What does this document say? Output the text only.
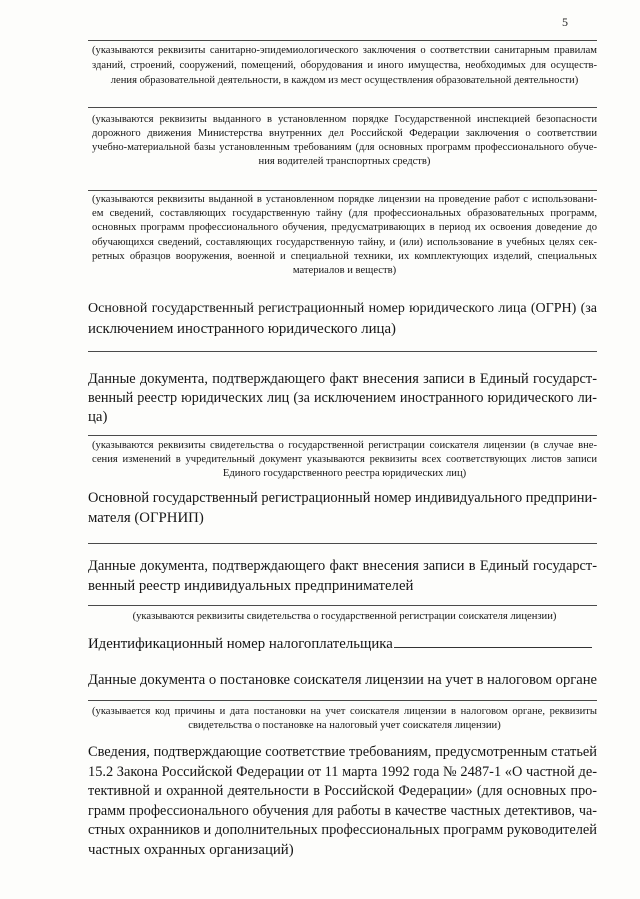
5
(указываются реквизиты санитарно-эпидемиологического заключения о соответствии санитарным правилам
зданий, строений, сооружений, помещений, оборудования и иного имущества, необходимых для осуществ-
ления образовательной деятельности, в каждом из мест осуществления образовательной деятельности)
(указываются реквизиты выданного в установленном порядке Государственной инспекцией безопасности
дорожного движения Министерства внутренних дел Российской Федерации заключения о соответствии
учебно-материальной базы установленным требованиям (для основных программ профессионального обуче-
ния водителей транспортных средств)
(указываются реквизиты выданной в установленном порядке лицензии на проведение работ с использовани-
ем сведений, составляющих государственную тайну (для профессиональных образовательных программ,
основных программ профессионального обучения, предусматривающих в период их освоения доведение до
обучающихся сведений, составляющих государственную тайну, и (или) использование в учебных целях сек-
ретных образцов вооружения, военной и специальной техники, их комплектующих изделий, специальных
материалов и веществ)
Основной государственный регистрационный номер юридического лица (ОГРН) (за
исключением иностранного юридического лица)
Данные документа, подтверждающего факт внесения записи в Единый государст-
венный реестр юридических лиц (за исключением иностранного юридического ли-
ца)
(указываются реквизиты свидетельства о государственной регистрации соискателя лицензии (в случае вне-
сения изменений в учредительный документ указываются реквизиты всех соответствующих листов записи
Единого государственного реестра юридических лиц)
Основной государственный регистрационный номер индивидуального предприни-
мателя (ОГРНИП)
Данные документа, подтверждающего факт внесения записи в Единый государст-
венный реестр индивидуальных предпринимателей
(указываются реквизиты свидетельства о государственной регистрации соискателя лицензии)
Идентификационный номер налогоплательщика
Данные документа о постановке соискателя лицензии на учет в налоговом органе
(указывается код причины и дата постановки на учет соискателя лицензии в налоговом органе, реквизиты
свидетельства о постановке на налоговый учет соискателя лицензии)
Сведения, подтверждающие соответствие требованиям, предусмотренным статьей
15.2 Закона Российской Федерации от 11 марта 1992 года № 2487-1 «О частной де-
тективной и охранной деятельности в Российской Федерации» (для основных про-
грамм профессионального обучения для работы в качестве частных детективов, ча-
стных охранников и дополнительных профессиональных программ руководителей
частных охранных организаций)
